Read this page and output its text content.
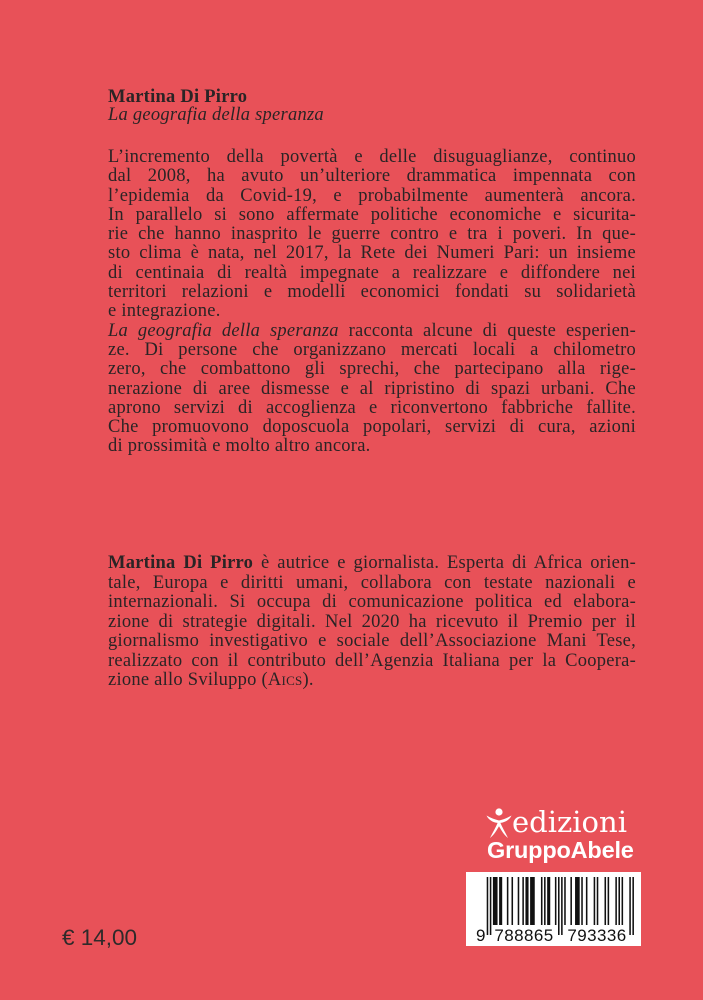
Martina Di Pirro
La geografia della speranza
L’incremento della povertà e delle disuguaglianze, continuo
dal 2008, ha avuto un’ulteriore drammatica impennata con
l’epidemia da Covid-19, e probabilmente aumenterà ancora.
In parallelo si sono affermate politiche economiche e sicurita-
rie che hanno inasprito le guerre contro e tra i poveri. In que-
sto clima è nata, nel 2017, la Rete dei Numeri Pari: un insieme
di centinaia di realtà impegnate a realizzare e diffondere nei
territori relazioni e modelli economici fondati su solidarietà
e integrazione.
La geografia della speranza racconta alcune di queste esperien-
ze. Di persone che organizzano mercati locali a chilometro
zero, che combattono gli sprechi, che partecipano alla rige-
nerazione di aree dismesse e al ripristino di spazi urbani. Che
aprono servizi di accoglienza e riconvertono fabbriche fallite.
Che promuovono doposcuola popolari, servizi di cura, azioni
di prossimità e molto altro ancora.
Martina Di Pirro è autrice e giornalista. Esperta di Africa orien-
tale, Europa e diritti umani, collabora con testate nazionali e
internazionali. Si occupa di comunicazione politica ed elabora-
zione di strategie digitali. Nel 2020 ha ricevuto il Premio per il
giornalismo investigativo e sociale dell’Associazione Mani Tese,
realizzato con il contributo dell’Agenzia Italiana per la Coopera-
zione allo Sviluppo (Aics).
edizioni
GruppoAbele
9 788865 793336
€ 14,00
